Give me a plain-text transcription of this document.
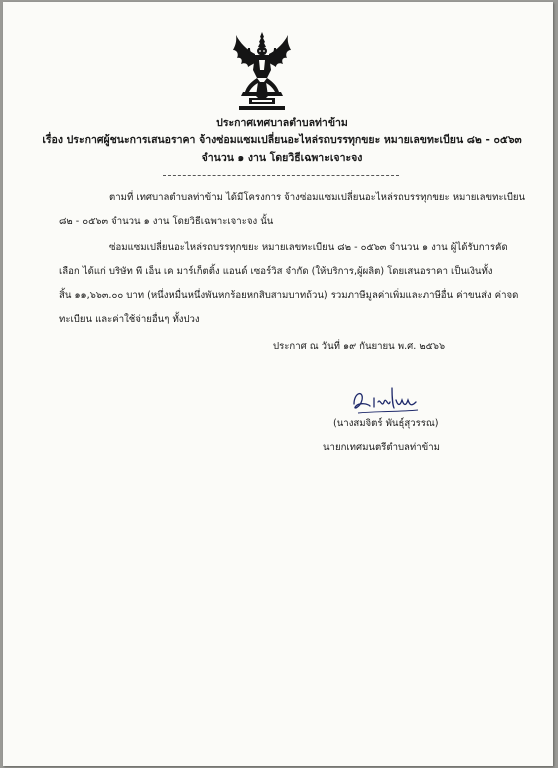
ประกาศเทศบาลตำบลท่าข้าม
เรื่อง ประกาศผู้ชนะการเสนอราคา จ้างซ่อมแซมเปลี่ยนอะไหล่รถบรรทุกขยะ หมายเลขทะเบียน ๘๒ - ๐๕๖๓
จำนวน ๑ งาน โดยวิธีเฉพาะเจาะจง
ตามที่ เทศบาลตำบลท่าข้าม ได้มีโครงการ จ้างซ่อมแซมเปลี่ยนอะไหล่รถบรรทุกขยะ หมายเลขทะเบียน
๘๒ - ๐๕๖๓ จำนวน ๑ งาน โดยวิธีเฉพาะเจาะจง นั้น
ซ่อมแซมเปลี่ยนอะไหล่รถบรรทุกขยะ หมายเลขทะเบียน ๘๒ - ๐๕๖๓ จำนวน ๑ งาน ผู้ได้รับการคัด
เลือก ได้แก่ บริษัท พี เอ็น เค มาร์เก็ตติ้ง แอนด์ เซอร์วิส จำกัด (ให้บริการ,ผู้ผลิต) โดยเสนอราคา เป็นเงินทั้ง
สิ้น ๑๑,๖๖๓.๐๐ บาท (หนึ่งหมื่นหนึ่งพันหกร้อยหกสิบสามบาทถ้วน) รวมภาษีมูลค่าเพิ่มและภาษีอื่น ค่าขนส่ง ค่าจด
ทะเบียน และค่าใช้จ่ายอื่นๆ ทั้งปวง
ประกาศ ณ วันที่ ๑๙ กันยายน พ.ศ. ๒๕๖๖
(นางสมจิตร์ พันธุ์สุวรรณ)
นายกเทศมนตรีตำบลท่าข้าม
